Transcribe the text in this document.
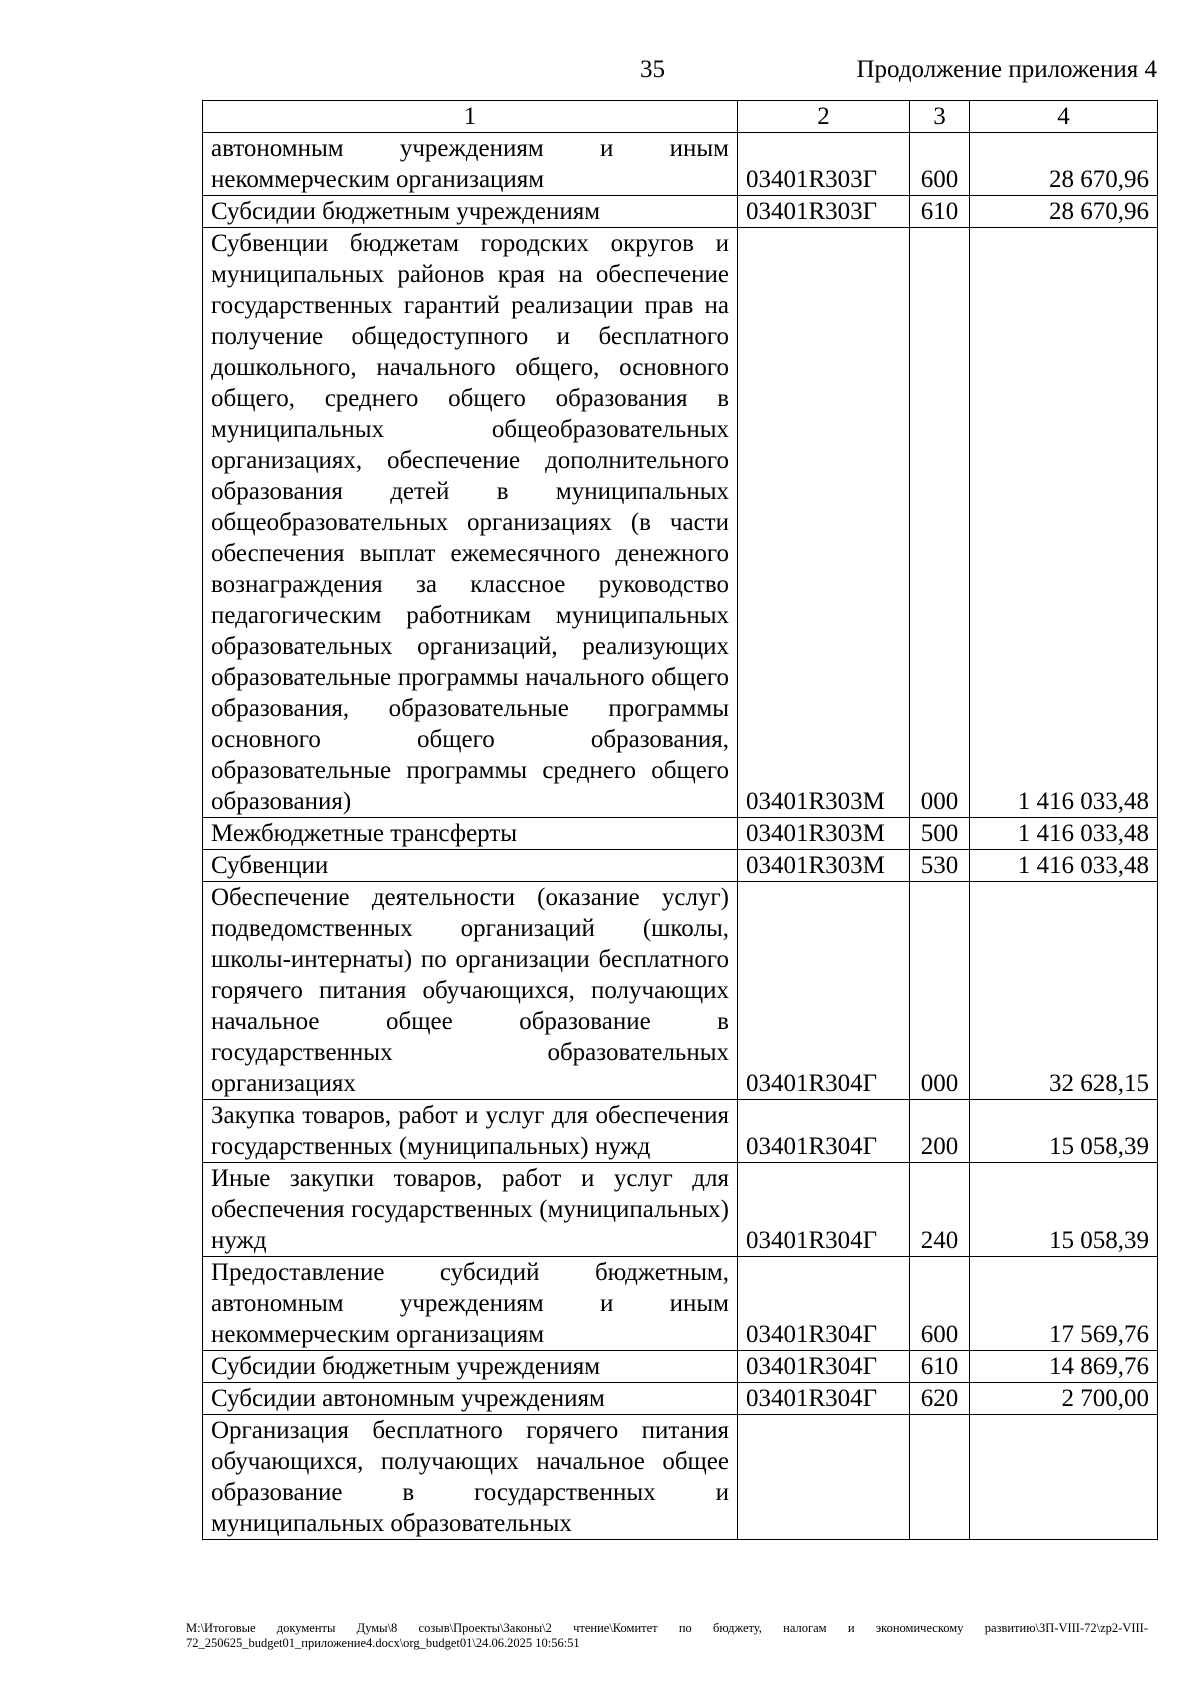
35	Продолжение приложения 4
1	2	3	4
автономным учреждениям и иным некоммерческим организациям	03401R303Г	600	28 670,96
Субсидии бюджетным учреждениям	03401R303Г	610	28 670,96
Субвенции бюджетам городских округов и муниципальных районов края на обеспечение государственных гарантий реализации прав на получение общедоступного и бесплатного дошкольного, начального общего, основного общего, среднего общего образования в муниципальных общеобразовательных организациях, обеспечение дополнительного образования детей в муниципальных общеобразовательных организациях (в части обеспечения выплат ежемесячного денежного вознаграждения за классное руководство педагогическим работникам муниципальных образовательных организаций, реализующих образовательные программы начального общего образования, образовательные программы основного общего образования, образовательные программы среднего общего образования)	03401R303М	000	1 416 033,48
Межбюджетные трансферты	03401R303М	500	1 416 033,48
Субвенции	03401R303М	530	1 416 033,48
Обеспечение деятельности (оказание услуг) подведомственных организаций (школы, школы-интернаты) по организации бесплатного горячего питания обучающихся, получающих начальное общее образование в государственных образовательных организациях	03401R304Г	000	32 628,15
Закупка товаров, работ и услуг для обеспечения государственных (муниципальных) нужд	03401R304Г	200	15 058,39
Иные закупки товаров, работ и услуг для обеспечения государственных (муниципальных) нужд	03401R304Г	240	15 058,39
Предоставление субсидий бюджетным, автономным учреждениям и иным некоммерческим организациям	03401R304Г	600	17 569,76
Субсидии бюджетным учреждениям	03401R304Г	610	14 869,76
Субсидии автономным учреждениям	03401R304Г	620	2 700,00
Организация бесплатного горячего питания обучающихся, получающих начальное общее образование в государственных и муниципальных образовательных			
M:\Итоговые документы Думы\8 созыв\Проекты\Законы\2 чтение\Комитет по бюджету, налогам и экономическому развитию\ЗП-VIII-72\zp2-VIII-72_250625_budget01_приложение4.docx\org_budget01\24.06.2025 10:56:51
